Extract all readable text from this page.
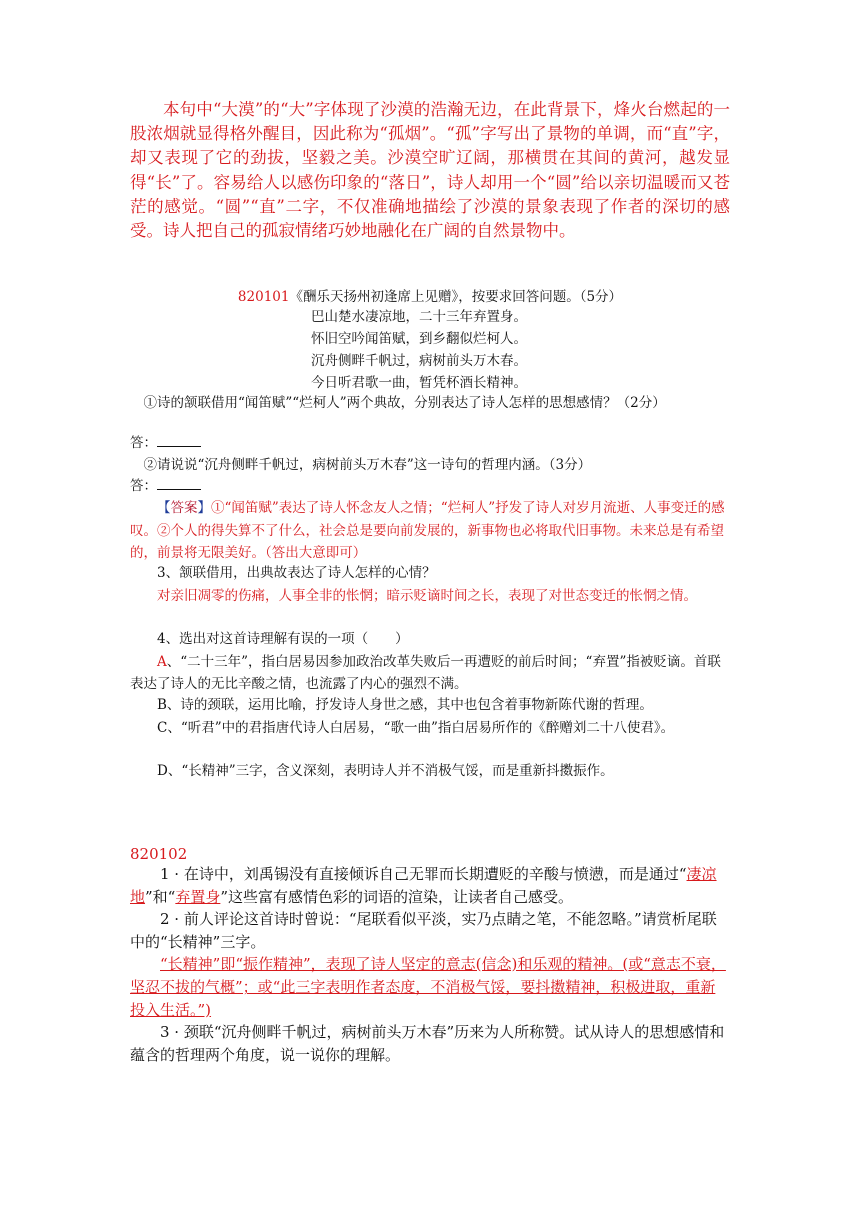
本句中“大漠”的“大”字体现了沙漠的浩瀚无边，在此背景下，烽火台燃起的一股浓烟就显得格外醒目，因此称为“孤烟”。“孤”字写出了景物的单调，而“直”字，却又表现了它的劲拔，坚毅之美。沙漠空旷辽阔，那横贯在其间的黄河，越发显得“长”了。容易给人以感伤印象的“落日”，诗人却用一个“圆”给以亲切温暖而又苍茫的感觉。“圆”“直”二字，不仅准确地描绘了沙漠的景象表现了作者的深切的感受。诗人把自己的孤寂情绪巧妙地融化在广阔的自然景物中。

820101《酬乐天扬州初逢席上见赠》，按要求回答问题。（5分）
巴山楚水凄凉地，二十三年弃置身。
怀旧空吟闻笛赋，到乡翻似烂柯人。
沉舟侧畔千帆过，病树前头万木春。
今日听君歌一曲，暂凭杯酒长精神。

①诗的颔联借用“闻笛赋”“烂柯人”两个典故，分别表达了诗人怎样的思想感情？（2分）

答：

②请说说“沉舟侧畔千帆过，病树前头万木春”这一诗句的哲理内涵。（3分）

答：

【答案】①“闻笛赋”表达了诗人怀念友人之情；“烂柯人”抒发了诗人对岁月流逝、人事变迁的感叹。②个人的得失算不了什么，社会总是要向前发展的，新事物也必将取代旧事物。未来总是有希望的，前景将无限美好。（答出大意即可）

3、颔联借用，出典故表达了诗人怎样的心情？

对亲旧凋零的伤痛，人事全非的怅惘；暗示贬谪时间之长，表现了对世态变迁的怅惘之情。

4、选出对这首诗理解有误的一项（　　）

A、“二十三年”，指白居易因参加政治改革失败后一再遭贬的前后时间；“弃置”指被贬谪。首联表达了诗人的无比辛酸之情，也流露了内心的强烈不满。

B、诗的颈联，运用比喻，抒发诗人身世之感，其中也包含着事物新陈代谢的哲理。

C、“听君”中的君指唐代诗人白居易，“歌一曲”指白居易所作的《醉赠刘二十八使君》。

D、“长精神”三字，含义深刻，表明诗人并不消极气馁，而是重新抖擞振作。

820102

1 · 在诗中，刘禹锡没有直接倾诉自己无罪而长期遭贬的辛酸与愤懑，而是通过“凄凉地”和“弃置身”这些富有感情色彩的词语的渲染，让读者自己感受。

2 · 前人评论这首诗时曾说：“尾联看似平淡，实乃点睛之笔，不能忽略。”请赏析尾联中的“长精神”三字。

“长精神”即“振作精神”，表现了诗人坚定的意志(信念)和乐观的精神。(或“意志不衰，坚忍不拔的气概”；或“此三字表明作者态度，不消极气馁，要抖擞精神，积极进取，重新投入生活。”)

3 · 颈联“沉舟侧畔千帆过，病树前头万木春”历来为人所称赞。试从诗人的思想感情和蕴含的哲理两个角度，说一说你的理解。
